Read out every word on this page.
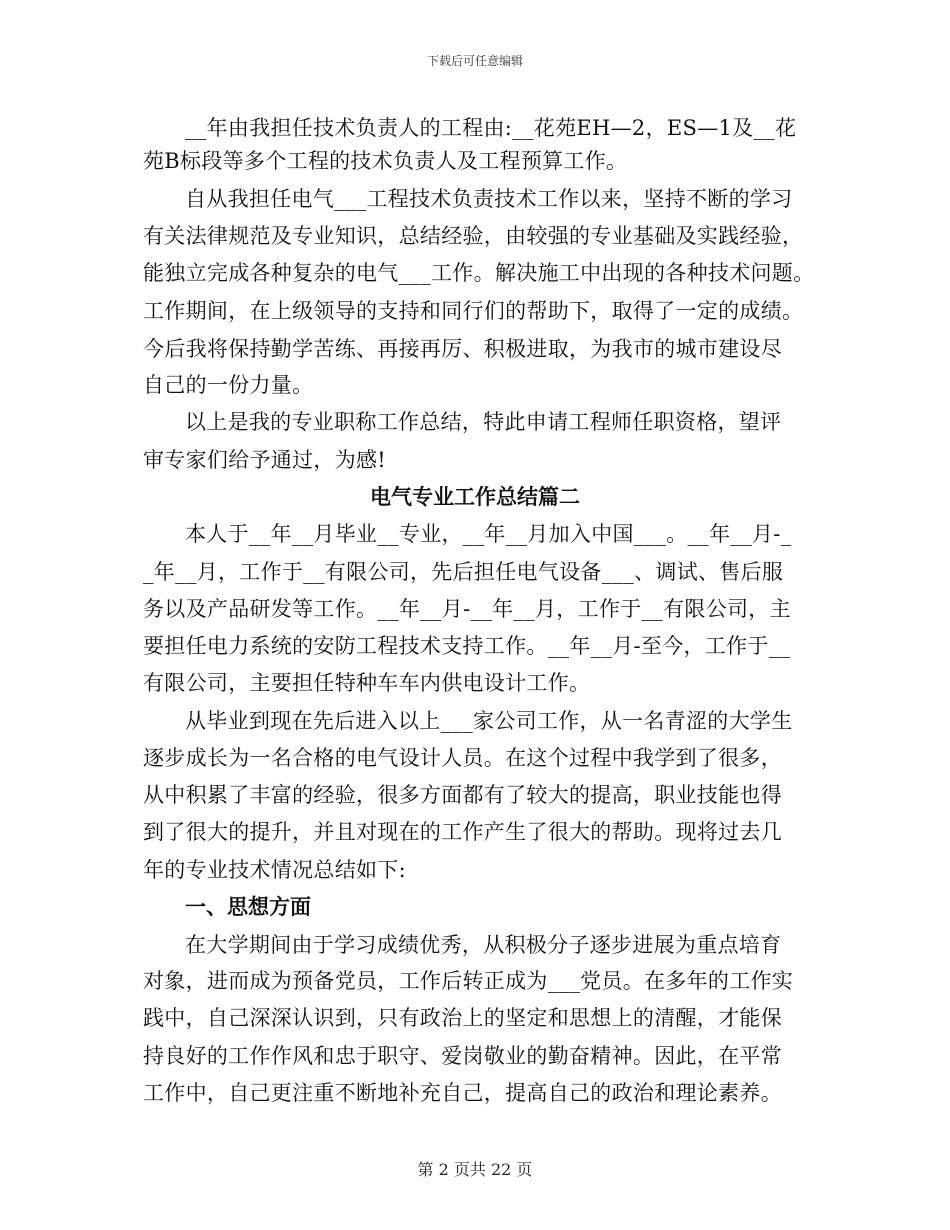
下载后可任意编辑
__年由我担任技术负责人的工程由:__花苑EH—2，ES—1及__花
苑B标段等多个工程的技术负责人及工程预算工作。
自从我担任电气___工程技术负责技术工作以来，坚持不断的学习
有关法律规范及专业知识，总结经验，由较强的专业基础及实践经验，
能独立完成各种复杂的电气___工作。解决施工中出现的各种技术问题。
工作期间，在上级领导的支持和同行们的帮助下，取得了一定的成绩。
今后我将保持勤学苦练、再接再厉、积极进取，为我市的城市建设尽
自己的一份力量。
以上是我的专业职称工作总结，特此申请工程师任职资格，望评
审专家们给予通过，为感!
电气专业工作总结篇二
本人于__年__月毕业__专业，__年__月加入中国___。__年__月-_
_年__月，工作于__有限公司，先后担任电气设备___、调试、售后服
务以及产品研发等工作。__年__月-__年__月，工作于__有限公司，主
要担任电力系统的安防工程技术支持工作。__年__月-至今，工作于__
有限公司，主要担任特种车车内供电设计工作。
从毕业到现在先后进入以上___家公司工作，从一名青涩的大学生
逐步成长为一名合格的电气设计人员。在这个过程中我学到了很多，
从中积累了丰富的经验，很多方面都有了较大的提高，职业技能也得
到了很大的提升，并且对现在的工作产生了很大的帮助。现将过去几
年的专业技术情况总结如下:
一、思想方面
在大学期间由于学习成绩优秀，从积极分子逐步进展为重点培育
对象，进而成为预备党员，工作后转正成为___党员。在多年的工作实
践中，自己深深认识到，只有政治上的坚定和思想上的清醒，才能保
持良好的工作作风和忠于职守、爱岗敬业的勤奋精神。因此，在平常
工作中，自己更注重不断地补充自己，提高自己的政治和理论素养。
第 2 页共 22 页
